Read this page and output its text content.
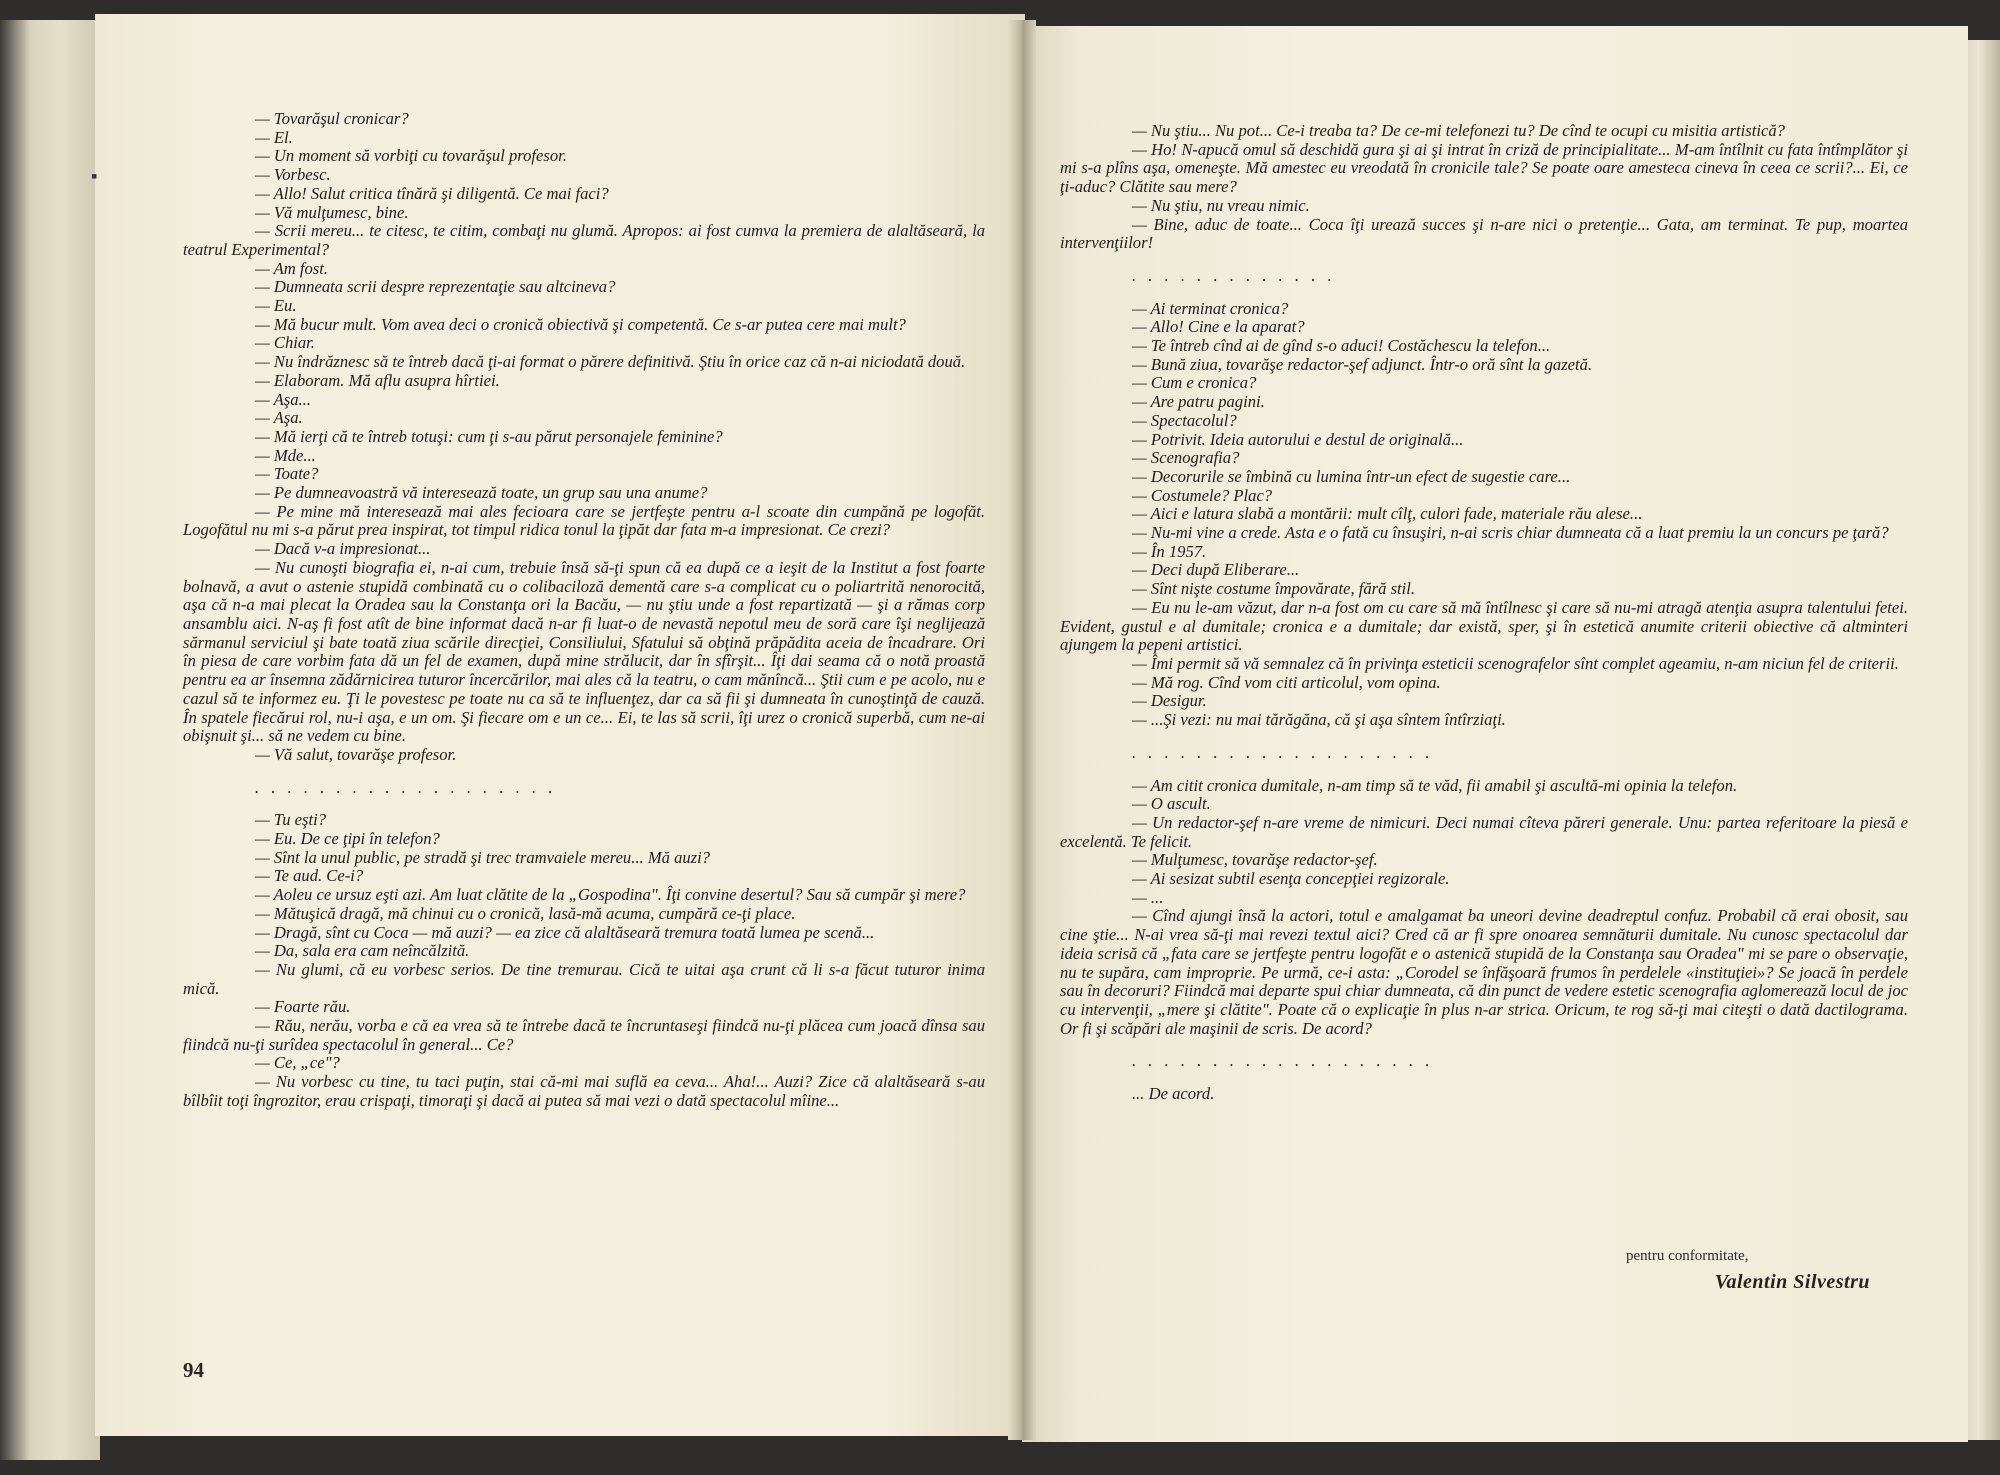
— Tovarăşul cronicar?

— El.

— Un moment să vorbiţi cu tovarăşul profesor.

— Vorbesc.

— Allo! Salut critica tînără şi diligentă. Ce mai faci?

— Vă mulţumesc, bine.

— Scrii mereu... te citesc, te citim, combaţi nu glumă. Apropos: ai fost cumva la premiera de alaltăseară, la teatrul Experimental?

— Am fost.

— Dumneata scrii despre reprezentaţie sau altcineva?

— Eu.

— Mă bucur mult. Vom avea deci o cronică obiectivă şi competentă. Ce s-ar putea cere mai mult?

— Chiar.

— Nu îndrăznesc să te întreb dacă ţi-ai format o părere definitivă. Ştiu în orice caz că n-ai niciodată două.

— Elaboram. Mă aflu asupra hîrtiei.

— Aşa...

— Aşa.

— Mă ierţi că te întreb totuşi: cum ţi s-au părut personajele feminine?

— Mde...

— Toate?

— Pe dumneavoastră vă interesează toate, un grup sau una anume?

— Pe mine mă interesează mai ales fecioara care se jertfeşte pentru a-l scoate din cumpănă pe logofăt. Logofătul nu mi s-a părut prea inspirat, tot timpul ridica tonul la ţipăt dar fata m-a impresionat. Ce crezi?

— Dacă v-a impresionat...

— Nu cunoşti biografia ei, n-ai cum, trebuie însă să-ţi spun că ea după ce a ieşit de la Institut a fost foarte bolnavă, a avut o astenie stupidă combinată cu o colibaciloză dementă care s-a complicat cu o poliartrită nenorocită, aşa că n-a mai plecat la Oradea sau la Constanţa ori la Bacău, — nu ştiu unde a fost repartizată — şi a rămas corp ansamblu aici. N-aş fi fost atît de bine informat dacă n-ar fi luat-o de nevastă nepotul meu de soră care îşi neglijează sărmanul serviciul şi bate toată ziua scările direcţiei, Consiliului, Sfatului să obţină prăpădita aceia de încadrare. Ori în piesa de care vorbim fata dă un fel de examen, după mine strălucit, dar în sfîrşit... Îţi dai seama că o notă proastă pentru ea ar însemna zădărnicirea tuturor încercărilor, mai ales că la teatru, o cam mănîncă... Ştii cum e pe acolo, nu e cazul să te informez eu. Ţi le povestesc pe toate nu ca să te influenţez, dar ca să fii şi dumneata în cunoştinţă de cauză. În spatele fiecărui rol, nu-i aşa, e un om. Şi fiecare om e un ce... Ei, te las să scrii, îţi urez o cronică superbă, cum ne-ai obişnuit şi... să ne vedem cu bine.

— Vă salut, tovarăşe profesor.

. . . . . . . . . . . . . . . . . . .

— Tu eşti?

— Eu. De ce ţipi în telefon?

— Sînt la unul public, pe stradă şi trec tramvaiele mereu... Mă auzi?

— Te aud. Ce-i?

— Aoleu ce ursuz eşti azi. Am luat clătite de la „Gospodina". Îţi convine desertul? Sau să cumpăr şi mere?

— Mătuşică dragă, mă chinui cu o cronică, lasă-mă acuma, cumpără ce-ţi place.

— Dragă, sînt cu Coca — mă auzi? — ea zice că alaltăseară tremura toată lumea pe scenă...

— Da, sala era cam neîncălzită.

— Nu glumi, că eu vorbesc serios. De tine tremurau. Cică te uitai aşa crunt că li s-a făcut tuturor inima mică.

— Foarte rău.

— Rău, nerău, vorba e că ea vrea să te întrebe dacă te încruntaseşi fiindcă nu-ţi plăcea cum joacă dînsa sau fiindcă nu-ţi surîdea spectacolul în general... Ce?

— Ce, „ce"?

— Nu vorbesc cu tine, tu taci puţin, stai că-mi mai suflă ea ceva... Aha!... Auzi? Zice că alaltăseară s-au bîlbîit toţi îngrozitor, erau crispaţi, timoraţi şi dacă ai putea să mai vezi o dată spectacolul mîine...

94
▪

— Nu ştiu... Nu pot... Ce-i treaba ta? De ce-mi telefonezi tu? De cînd te ocupi cu misitia artistică?

— Ho! N-apucă omul să deschidă gura şi ai şi intrat în criză de principialitate... M-am întîlnit cu fata întîmplător şi mi s-a plîns aşa, omeneşte. Mă amestec eu vreodată în cronicile tale? Se poate oare amesteca cineva în ceea ce scrii?... Ei, ce ţi-aduc? Clătite sau mere?

— Nu ştiu, nu vreau nimic.

— Bine, aduc de toate... Coca îţi urează succes şi n-are nici o pretenţie... Gata, am terminat. Te pup, moartea intervenţiilor!

. . . . . . . . . . . . .

— Ai terminat cronica?

— Allo! Cine e la aparat?

— Te întreb cînd ai de gînd s-o aduci! Costăchescu la telefon...

— Bună ziua, tovarăşe redactor-şef adjunct. Într-o oră sînt la gazetă.

— Cum e cronica?

— Are patru pagini.

— Spectacolul?

— Potrivit. Ideia autorului e destul de originală...

— Scenografia?

— Decorurile se îmbină cu lumina într-un efect de sugestie care...

— Costumele? Plac?

— Aici e latura slabă a montării: mult cîlţ, culori fade, materiale rău alese...

— Nu-mi vine a crede. Asta e o fată cu însuşiri, n-ai scris chiar dumneata că a luat premiu la un concurs pe ţară?

— În 1957.

— Deci după Eliberare...

— Sînt nişte costume împovărate, fără stil.

— Eu nu le-am văzut, dar n-a fost om cu care să mă întîlnesc şi care să nu-mi atragă atenţia asupra talentului fetei. Evident, gustul e al dumitale; cronica e a dumitale; dar există, sper, şi în estetică anumite criterii obiective că altminteri ajungem la pepeni artistici.

— Îmi permit să vă semnalez că în privinţa esteticii scenografelor sînt complet ageamiu, n-am niciun fel de criterii.

— Mă rog. Cînd vom citi articolul, vom opina.

— Desigur.

— ...Şi vezi: nu mai tărăgăna, că şi aşa sîntem întîrziaţi.

. . . . . . . . . . . . . . . . . . .

— Am citit cronica dumitale, n-am timp să te văd, fii amabil şi ascultă-mi opinia la telefon.

— O ascult.

— Un redactor-şef n-are vreme de nimicuri. Deci numai cîteva păreri generale. Unu: partea referitoare la piesă e excelentă. Te felicit.

— Mulţumesc, tovarăşe redactor-şef.

— Ai sesizat subtil esenţa concepţiei regizorale.

— ...

— Cînd ajungi însă la actori, totul e amalgamat ba uneori devine deadreptul confuz. Probabil că erai obosit, sau cine ştie... N-ai vrea să-ţi mai revezi textul aici? Cred că ar fi spre onoarea semnăturii dumitale. Nu cunosc spectacolul dar ideia scrisă că „fata care se jertfeşte pentru logofăt e o astenică stupidă de la Constanţa sau Oradea" mi se pare o observaţie, nu te supăra, cam improprie. Pe urmă, ce-i asta: „Corodel se înfăşoară frumos în perdelele «instituţiei»? Se joacă în perdele sau în decoruri? Fiindcă mai departe spui chiar dumneata, că din punct de vedere estetic scenografia aglomerează locul de joc cu intervenţii, „mere şi clătite". Poate că o explicaţie în plus n-ar strica. Oricum, te rog să-ţi mai citeşti o dată dactilograma. Or fi şi scăpări ale maşinii de scris. De acord?

. . . . . . . . . . . . . . . . . . .

... De acord.

pentru conformitate,
Valentin Silvestru
